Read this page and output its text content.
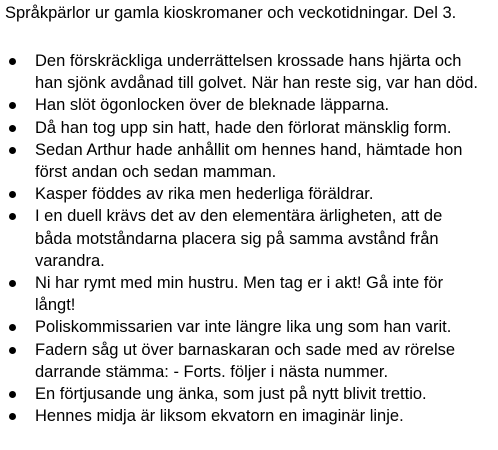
Språkpärlor ur gamla kioskromaner och veckotidningar. Del 3.
Den förskräckliga underrättelsen krossade hans hjärta och
han sjönk avdånad till golvet. När han reste sig, var han död.
Han slöt ögonlocken över de bleknade läpparna.
Då han tog upp sin hatt, hade den förlorat mänsklig form.
Sedan Arthur hade anhållit om hennes hand, hämtade hon
först andan och sedan mamman.
Kasper föddes av rika men hederliga föräldrar.
I en duell krävs det av den elementära ärligheten, att de
båda motståndarna placera sig på samma avstånd från
varandra.
Ni har rymt med min hustru. Men tag er i akt! Gå inte för
långt!
Poliskommissarien var inte längre lika ung som han varit.
Fadern såg ut över barnaskaran och sade med av rörelse
darrande stämma: - Forts. följer i nästa nummer.
En förtjusande ung änka, som just på nytt blivit trettio.
Hennes midja är liksom ekvatorn en imaginär linje.
